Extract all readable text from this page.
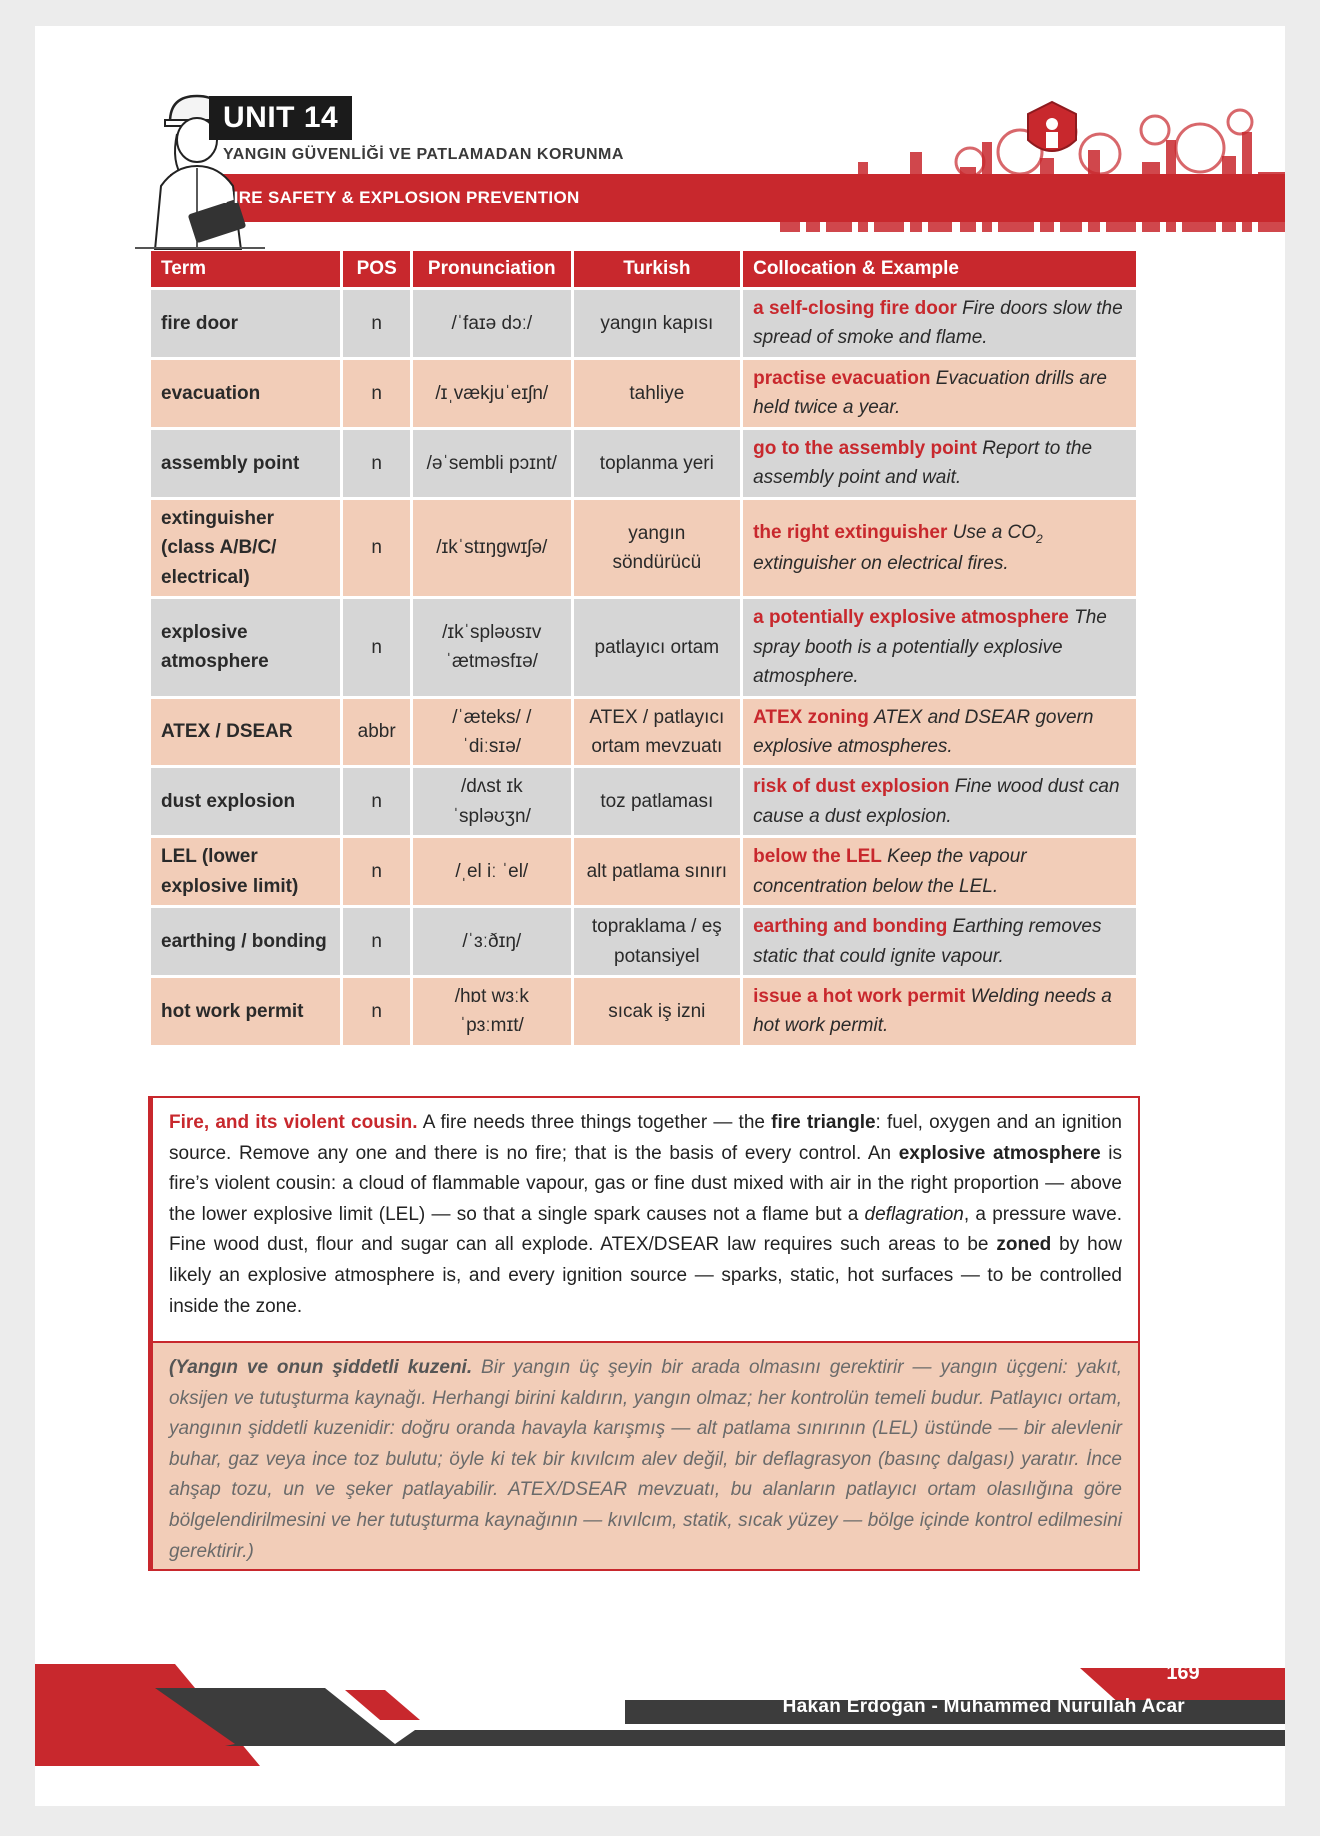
UNIT 14
YANGIN GÜVENLİĞİ VE PATLAMADAN KORUNMA
FIRE SAFETY & EXPLOSION PREVENTION
Term	POS	Pronunciation	Turkish	Collocation & Example
fire door	n	/ˈfaɪə dɔː/	yangın kapısı	a self-closing fire door Fire doors slow the spread of smoke and flame.
evacuation	n	/ɪˌvækjuˈeɪʃn/	tahliye	practise evacuation Evacuation drills are held twice a year.
assembly point	n	/əˈsembli pɔɪnt/	toplanma yeri	go to the assembly point Report to the assembly point and wait.
extinguisher (class A/B/C/ electrical)	n	/ɪkˈstɪŋgwɪʃə/	yangın söndürücü	the right extinguisher Use a $CO_2$ extinguisher on electrical fires.
explosive atmosphere	n	/ɪkˈspləʊsɪv ˈætməsfɪə/	patlayıcı ortam	a potentially explosive atmosphere The spray booth is a potentially explosive atmosphere.
ATEX / DSEAR	abbr	/ˈæteks/ / ˈdiːsɪə/	ATEX / patlayıcı ortam mevzuatı	ATEX zoning ATEX and DSEAR govern explosive atmospheres.
dust explosion	n	/dʌst ɪkˈspləʊʒn/	toz patlaması	risk of dust explosion Fine wood dust can cause a dust explosion.
LEL (lower explosive limit)	n	/ˌel iː ˈel/	alt patlama sınırı	below the LEL Keep the vapour concentration below the LEL.
earthing / bonding	n	/ˈɜːðɪŋ/	topraklama / eş potansiyel	earthing and bonding Earthing removes static that could ignite vapour.
hot work permit	n	/hɒt wɜːk ˈpɜːmɪt/	sıcak iş izni	issue a hot work permit Welding needs a hot work permit.
Fire, and its violent cousin. A fire needs three things together — the fire triangle: fuel, oxygen and an ignition source. Remove any one and there is no fire; that is the basis of every control. An explosive atmosphere is fire’s violent cousin: a cloud of flammable vapour, gas or fine dust mixed with air in the right proportion — above the lower explosive limit (LEL) — so that a single spark causes not a flame but a deflagration, a pressure wave. Fine wood dust, flour and sugar can all explode. ATEX/DSEAR law requires such areas to be zoned by how likely an explosive atmosphere is, and every ignition source — sparks, static, hot surfaces — to be controlled inside the zone.
(Yangın ve onun şiddetli kuzeni. Bir yangın üç şeyin bir arada olmasını gerektirir — yangın üçgeni: yakıt, oksijen ve tutuşturma kaynağı. Herhangi birini kaldırın, yangın olmaz; her kontrolün temeli budur. Patlayıcı ortam, yangının şiddetli kuzenidir: doğru oranda havayla karışmış — alt patlama sınırının (LEL) üstünde — bir alevlenir buhar, gaz veya ince toz bulutu; öyle ki tek bir kıvılcım alev değil, bir deflagrasyon (basınç dalgası) yaratır. İnce ahşap tozu, un ve şeker patlayabilir. ATEX/DSEAR mevzuatı, bu alanların patlayıcı ortam olasılığına göre bölgelendirilmesini ve her tutuşturma kaynağının — kıvılcım, statik, sıcak yüzey — bölge içinde kontrol edilmesini gerektirir.)
169
Hakan Erdoğan - Muhammed Nurullah Acar
